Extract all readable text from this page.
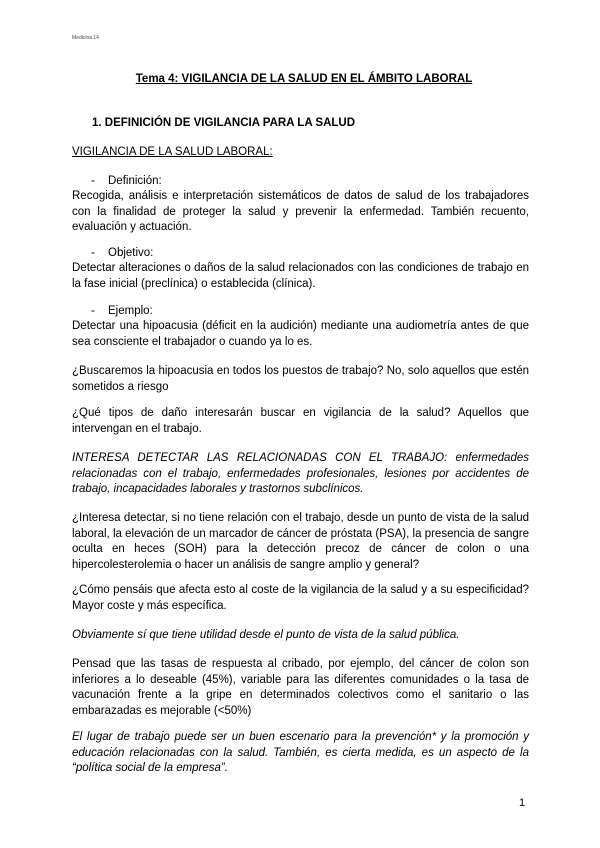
Medicina 14
Tema 4: VIGILANCIA DE LA SALUD EN EL ÁMBITO LABORAL
1. DEFINICIÓN DE VIGILANCIA PARA LA SALUD

VIGILANCIA DE LA SALUD LABORAL:

- Definición:

Recogida, análisis e interpretación sistemáticos de datos de salud de los trabajadores con la finalidad de proteger la salud y prevenir la enfermedad. También recuento, evaluación y actuación.

- Objetivo:

Detectar alteraciones o daños de la salud relacionados con las condiciones de trabajo en la fase inicial (preclínica) o establecida (clínica).

- Ejemplo:

Detectar una hipoacusia (déficit en la audición) mediante una audiometría antes de que sea consciente el trabajador o cuando ya lo es.

¿Buscaremos la hipoacusia en todos los puestos de trabajo? No, solo aquellos que estén sometidos a riesgo

¿Qué tipos de daño interesarán buscar en vigilancia de la salud? Aquellos que intervengan en el trabajo.

INTERESA DETECTAR LAS RELACIONADAS CON EL TRABAJO: enfermedades relacionadas con el trabajo, enfermedades profesionales, lesiones por accidentes de trabajo, incapacidades laborales y trastornos subclínicos.

¿Interesa detectar, si no tiene relación con el trabajo, desde un punto de vista de la salud laboral, la elevación de un marcador de cáncer de próstata (PSA), la presencia de sangre oculta en heces (SOH) para la detección precoz de cáncer de colon o una hipercolesterolemia o hacer un análisis de sangre amplio y general?

¿Cómo pensáis que afecta esto al coste de la vigilancia de la salud y a su especificidad? Mayor coste y más específica.

Obviamente sí que tiene utilidad desde el punto de vista de la salud pública.

Pensad que las tasas de respuesta al cribado, por ejemplo, del cáncer de colon son inferiores a lo deseable (45%), variable para las diferentes comunidades o la tasa de vacunación frente a la gripe en determinados colectivos como el sanitario o las embarazadas es mejorable (<50%)

El lugar de trabajo puede ser un buen escenario para la prevención* y la promoción y educación relacionadas con la salud. También, es cierta medida, es un aspecto de la “política social de la empresa”.

1
